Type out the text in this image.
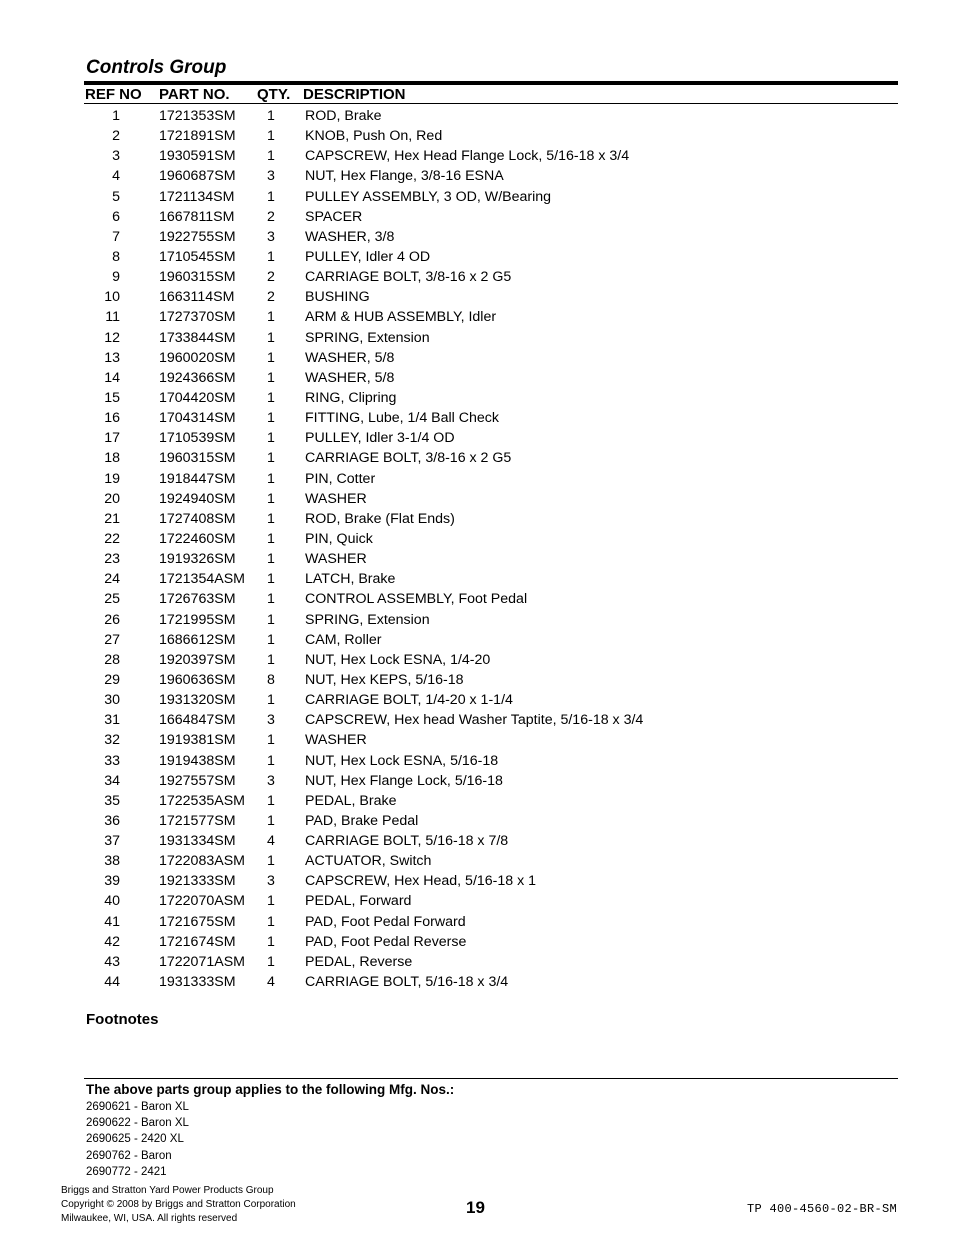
Controls Group
REF NO PART NO. QTY. DESCRIPTION
1	1721353SM 1 ROD, Brake
2	1721891SM 1 KNOB, Push On, Red
3	1930591SM 1 CAPSCREW, Hex Head Flange Lock, 5/16-18 x 3/4
4	1960687SM 3 NUT, Hex Flange, 3/8-16 ESNA
5	1721134SM 1 PULLEY ASSEMBLY, 3 OD, W/Bearing
6	1667811SM 2 SPACER
7	1922755SM 3 WASHER, 3/8
8	1710545SM 1 PULLEY, Idler 4 OD
9	1960315SM 2 CARRIAGE BOLT, 3/8-16 x 2 G5
10	1663114SM 2 BUSHING
11	1727370SM 1 ARM & HUB ASSEMBLY, Idler
12	1733844SM 1 SPRING, Extension
13	1960020SM 1 WASHER, 5/8
14	1924366SM 1 WASHER, 5/8
15	1704420SM 1 RING, Clipring
16	1704314SM 1 FITTING, Lube, 1/4 Ball Check
17	1710539SM 1 PULLEY, Idler 3-1/4 OD
18	1960315SM 1 CARRIAGE BOLT, 3/8-16 x 2 G5
19	1918447SM 1 PIN, Cotter
20	1924940SM 1 WASHER
21	1727408SM 1 ROD, Brake (Flat Ends)
22	1722460SM 1 PIN, Quick
23	1919326SM 1 WASHER
24	1721354ASM 1 LATCH, Brake
25	1726763SM 1 CONTROL ASSEMBLY, Foot Pedal
26	1721995SM 1 SPRING, Extension
27	1686612SM 1 CAM, Roller
28	1920397SM 1 NUT, Hex Lock ESNA, 1/4-20
29	1960636SM 8 NUT, Hex KEPS, 5/16-18
30	1931320SM 1 CARRIAGE BOLT, 1/4-20 x 1-1/4
31	1664847SM 3 CAPSCREW, Hex head Washer Taptite, 5/16-18 x 3/4
32	1919381SM 1 WASHER
33	1919438SM 1 NUT, Hex Lock ESNA, 5/16-18
34	1927557SM 3 NUT, Hex Flange Lock, 5/16-18
35	1722535ASM 1 PEDAL, Brake
36	1721577SM 1 PAD, Brake Pedal
37	1931334SM 4 CARRIAGE BOLT, 5/16-18 x 7/8
38	1722083ASM 1 ACTUATOR, Switch
39	1921333SM 3 CAPSCREW, Hex Head, 5/16-18 x 1
40	1722070ASM 1 PEDAL, Forward
41	1721675SM 1 PAD, Foot Pedal Forward
42	1721674SM 1 PAD, Foot Pedal Reverse
43	1722071ASM 1 PEDAL, Reverse
44	1931333SM 4 CARRIAGE BOLT, 5/16-18 x 3/4
Footnotes
The above parts group applies to the following Mfg. Nos.:
2690621 - Baron XL
2690622 - Baron XL
2690625 - 2420 XL
2690762 - Baron
2690772 - 2421
Briggs and Stratton Yard Power Products Group
Copyright © 2008 by Briggs and Stratton Corporation
Milwaukee, WI, USA. All rights reserved
19	TP 400-4560-02-BR-SM
